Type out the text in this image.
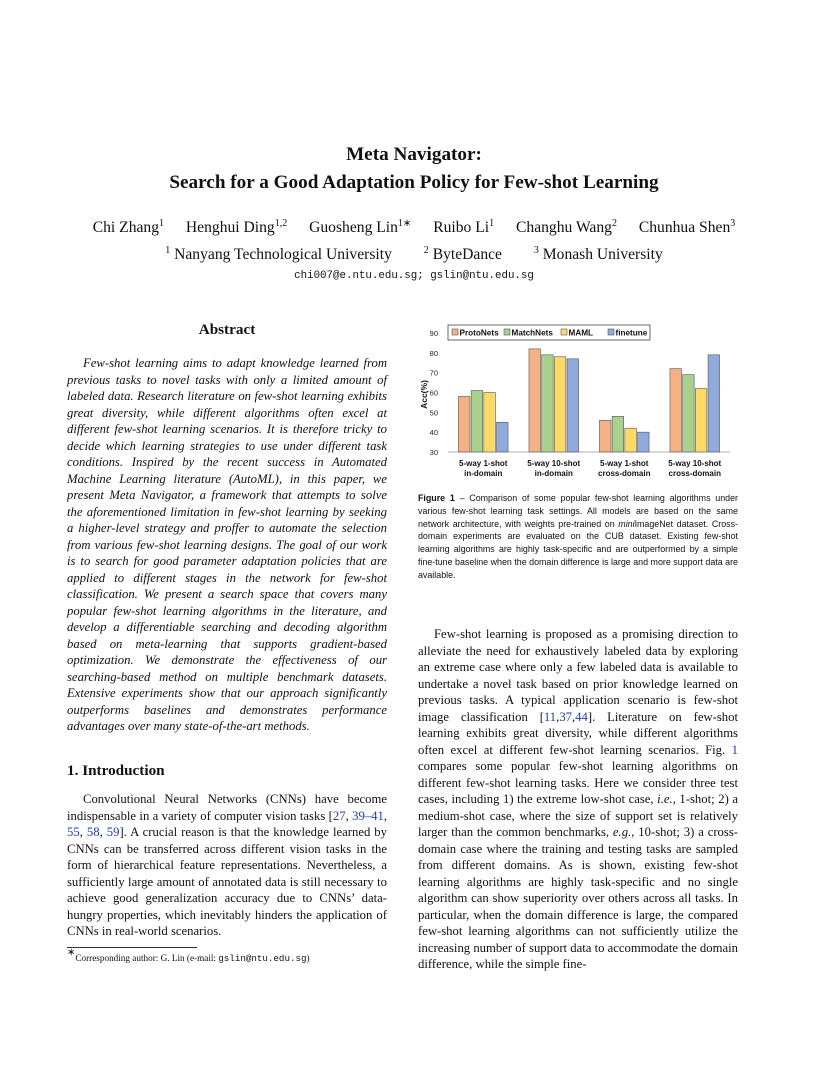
Meta Navigator:
Search for a Good Adaptation Policy for Few-shot Learning
Chi Zhang$^1$ Henghui Ding$^{1,2}$ Guosheng Lin$^{1∗}$ Ruibo Li$^1$ Changhu Wang$^2$ Chunhua Shen$^3$
$^1$ Nanyang Technological University	$^2$ ByteDance	$^3$ Monash University
chi007@e.ntu.edu.sg; gslin@ntu.edu.sg
Abstract

Few-shot learning aims to adapt knowledge learned from previous tasks to novel tasks with only a limited amount of labeled data. Research literature on few-shot learning exhibits great diversity, while different algorithms often excel at different few-shot learning scenarios. It is therefore tricky to decide which learning strategies to use under different task conditions. Inspired by the recent success in Automated Machine Learning literature (AutoML), in this paper, we present Meta Navigator, a framework that attempts to solve the aforementioned limitation in few-shot learning by seeking a higher-level strategy and proffer to automate the selection from various few-shot learning designs. The goal of our work is to search for good parameter adaptation policies that are applied to different stages in the network for few-shot classification. We present a search space that covers many popular few-shot learning algorithms in the literature, and develop a differentiable searching and decoding algorithm based on meta-learning that supports gradient-based optimization. We demonstrate the effectiveness of our searching-based method on multiple benchmark datasets. Extensive experiments show that our approach significantly outperforms baselines and demonstrates performance advantages over many state-of-the-art methods.

1. Introduction

Convolutional Neural Networks (CNNs) have become indispensable in a variety of computer vision tasks [27, 39–41, 55, 58, 59]. A crucial reason is that the knowledge learned by CNNs can be transferred across different vision tasks in the form of hierarchical feature representations. Nevertheless, a sufficiently large amount of annotated data is still necessary to achieve good generalization accuracy due to CNNs’ data-hungry properties, which inevitably hinders the application of CNNs in real-world scenarios.

∗Corresponding author: G. Lin (e-mail: gslin@ntu.edu.sg)
30
40
50
60
70
80
90
Acc(%)
5-way 1-shot
in-domain
5-way 10-shot
in-domain
5-way 1-shot
cross-domain
5-way 10-shot
cross-domain
ProtoNets MatchNets MAML	finetune

Figure 1 – Comparison of some popular few-shot learning algorithms under various few-shot learning task settings. All models are based on the same network architecture, with weights pre-trained on miniImageNet dataset. Cross-domain experiments are evaluated on the CUB dataset. Existing few-shot learning algorithms are highly task-specific and are outperformed by a simple fine-tune baseline when the domain difference is large and more support data are available.

Few-shot learning is proposed as a promising direction to alleviate the need for exhaustively labeled data by exploring an extreme case where only a few labeled data is available to undertake a novel task based on prior knowledge learned on previous tasks. A typical application scenario is few-shot image classification [11,37,44]. Literature on few-shot learning exhibits great diversity, while different algorithms often excel at different few-shot learning scenarios. Fig. 1 compares some popular few-shot learning algorithms on different few-shot learning tasks. Here we consider three test cases, including 1) the extreme low-shot case, i.e., 1-shot; 2) a medium-shot case, where the size of support set is relatively larger than the common benchmarks, e.g., 10-shot; 3) a cross-domain case where the training and testing tasks are sampled from different domains. As is shown, existing few-shot learning algorithms are highly task-specific and no single algorithm can show superiority over others across all tasks. In particular, when the domain difference is large, the compared few-shot learning algorithms can not sufficiently utilize the increasing number of support data to accommodate the domain difference, while the simple fine-
